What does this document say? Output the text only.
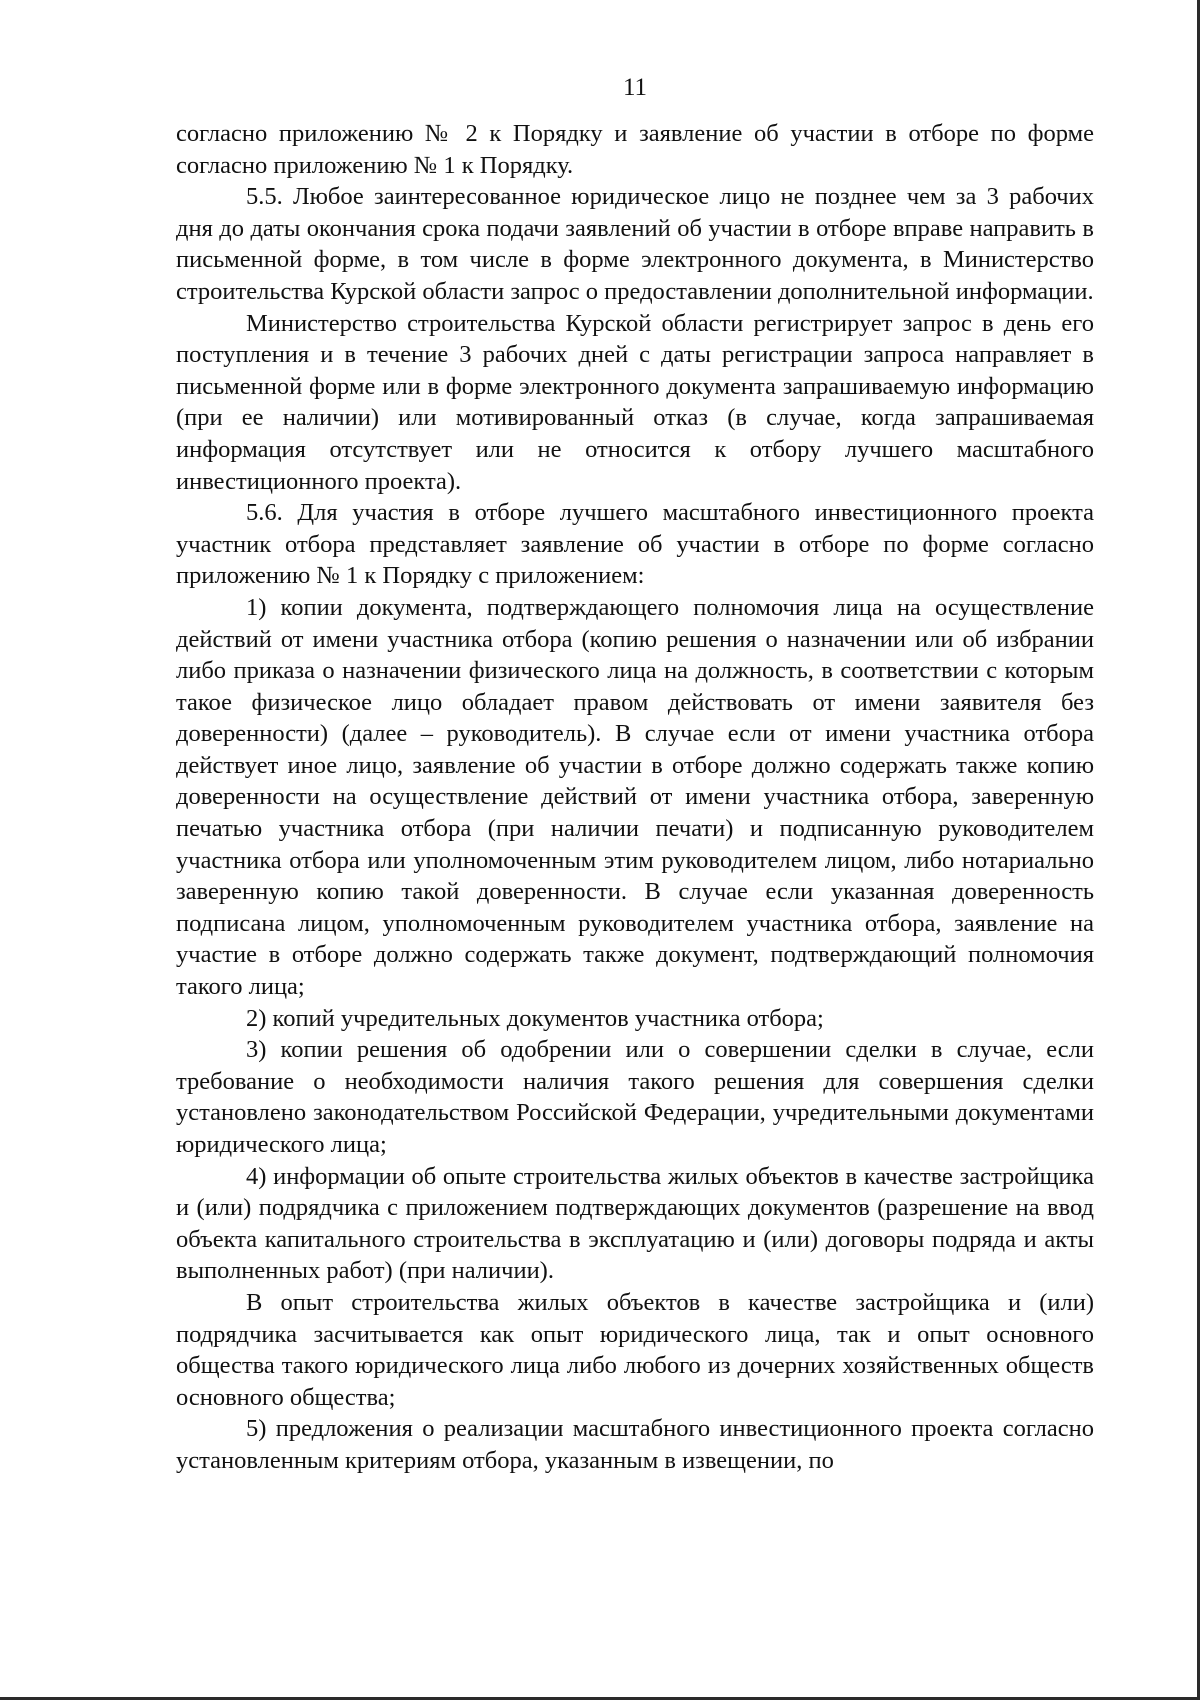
11

согласно приложению № 2 к Порядку и заявление об участии в отборе по форме согласно приложению № 1 к Порядку.

5.5. Любое заинтересованное юридическое лицо не позднее чем за 3 рабочих дня до даты окончания срока подачи заявлений об участии в отборе вправе направить в письменной форме, в том числе в форме электронного документа, в Министерство строительства Курской области запрос о предоставлении дополнительной информации.

Министерство строительства Курской области регистрирует запрос в день его поступления и в течение 3 рабочих дней с даты регистрации запроса направляет в письменной форме или в форме электронного документа запрашиваемую информацию (при ее наличии) или мотивированный отказ (в случае, когда запрашиваемая информация отсутствует или не относится к отбору лучшего масштабного инвестиционного проекта).

5.6. Для участия в отборе лучшего масштабного инвестиционного проекта участник отбора представляет заявление об участии в отборе по форме согласно приложению № 1 к Порядку с приложением:

1) копии документа, подтверждающего полномочия лица на осуществление действий от имени участника отбора (копию решения о назначении или об избрании либо приказа о назначении физического лица на должность, в соответствии с которым такое физическое лицо обладает правом действовать от имени заявителя без доверенности) (далее – руководитель). В случае если от имени участника отбора действует иное лицо, заявление об участии в отборе должно содержать также копию доверенности на осуществление действий от имени участника отбора, заверенную печатью участника отбора (при наличии печати) и подписанную руководителем участника отбора или уполномоченным этим руководителем лицом, либо нотариально заверенную копию такой доверенности. В случае если указанная доверенность подписана лицом, уполномоченным руководителем участника отбора, заявление на участие в отборе должно содержать также документ, подтверждающий полномочия такого лица;

2) копий учредительных документов участника отбора;

3) копии решения об одобрении или о совершении сделки в случае, если требование о необходимости наличия такого решения для совершения сделки установлено законодательством Российской Федерации, учредительными документами юридического лица;

4) информации об опыте строительства жилых объектов в качестве застройщика и (или) подрядчика с приложением подтверждающих документов (разрешение на ввод объекта капитального строительства в эксплуатацию и (или) договоры подряда и акты выполненных работ) (при наличии).

В опыт строительства жилых объектов в качестве застройщика и (или) подрядчика засчитывается как опыт юридического лица, так и опыт основного общества такого юридического лица либо любого из дочерних хозяйственных обществ основного общества;

5) предложения о реализации масштабного инвестиционного проекта согласно установленным критериям отбора, указанным в извещении, по
